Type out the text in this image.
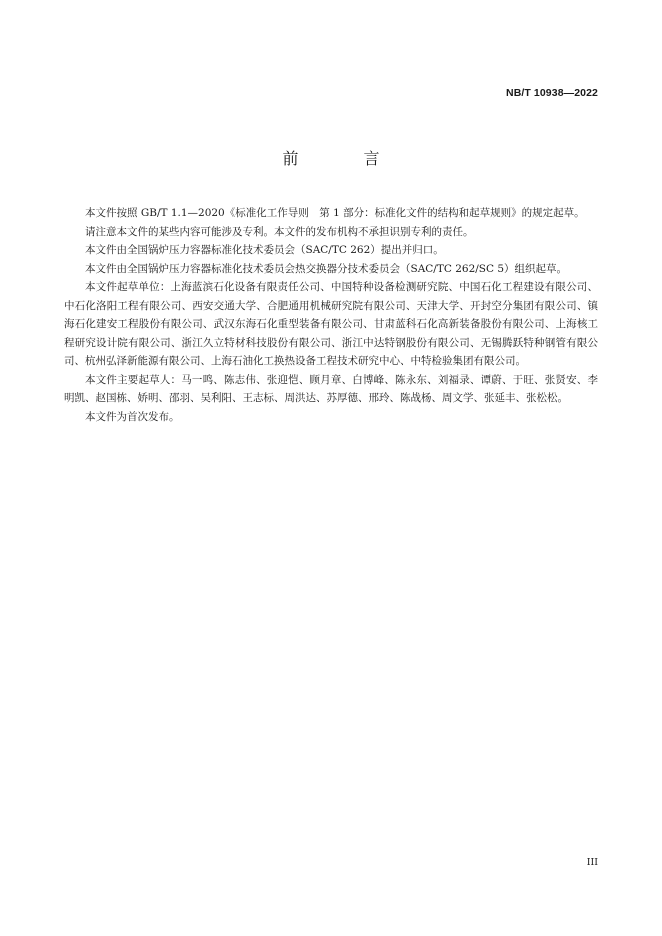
NB/T 10938—2022
前 言

本文件按照 GB/T 1.1—2020《标准化工作导则　第 1 部分：标准化文件的结构和起草规则》的规定起草。

请注意本文件的某些内容可能涉及专利。本文件的发布机构不承担识别专利的责任。

本文件由全国锅炉压力容器标准化技术委员会（SAC/TC 262）提出并归口。

本文件由全国锅炉压力容器标准化技术委员会热交换器分技术委员会（SAC/TC 262/SC 5）组织起草。

本文件起草单位：上海蓝滨石化设备有限责任公司、中国特种设备检测研究院、中国石化工程建设有限公司、中石化洛阳工程有限公司、西安交通大学、合肥通用机械研究院有限公司、天津大学、开封空分集团有限公司、镇海石化建安工程股份有限公司、武汉东海石化重型装备有限公司、甘肃蓝科石化高新装备股份有限公司、上海核工程研究设计院有限公司、浙江久立特材科技股份有限公司、浙江中达特钢股份有限公司、无锡腾跃特种钢管有限公司、杭州弘泽新能源有限公司、上海石油化工换热设备工程技术研究中心、中特检验集团有限公司。

本文件主要起草人：马一鸣、陈志伟、张迎恺、顾月章、白博峰、陈永东、刘福录、谭蔚、于旺、张贤安、李明凯、赵国栋、娇明、邵羽、吴利阳、王志标、周洪达、苏厚德、邢玲、陈战杨、周文学、张延丰、张松松。

本文件为首次发布。

III
